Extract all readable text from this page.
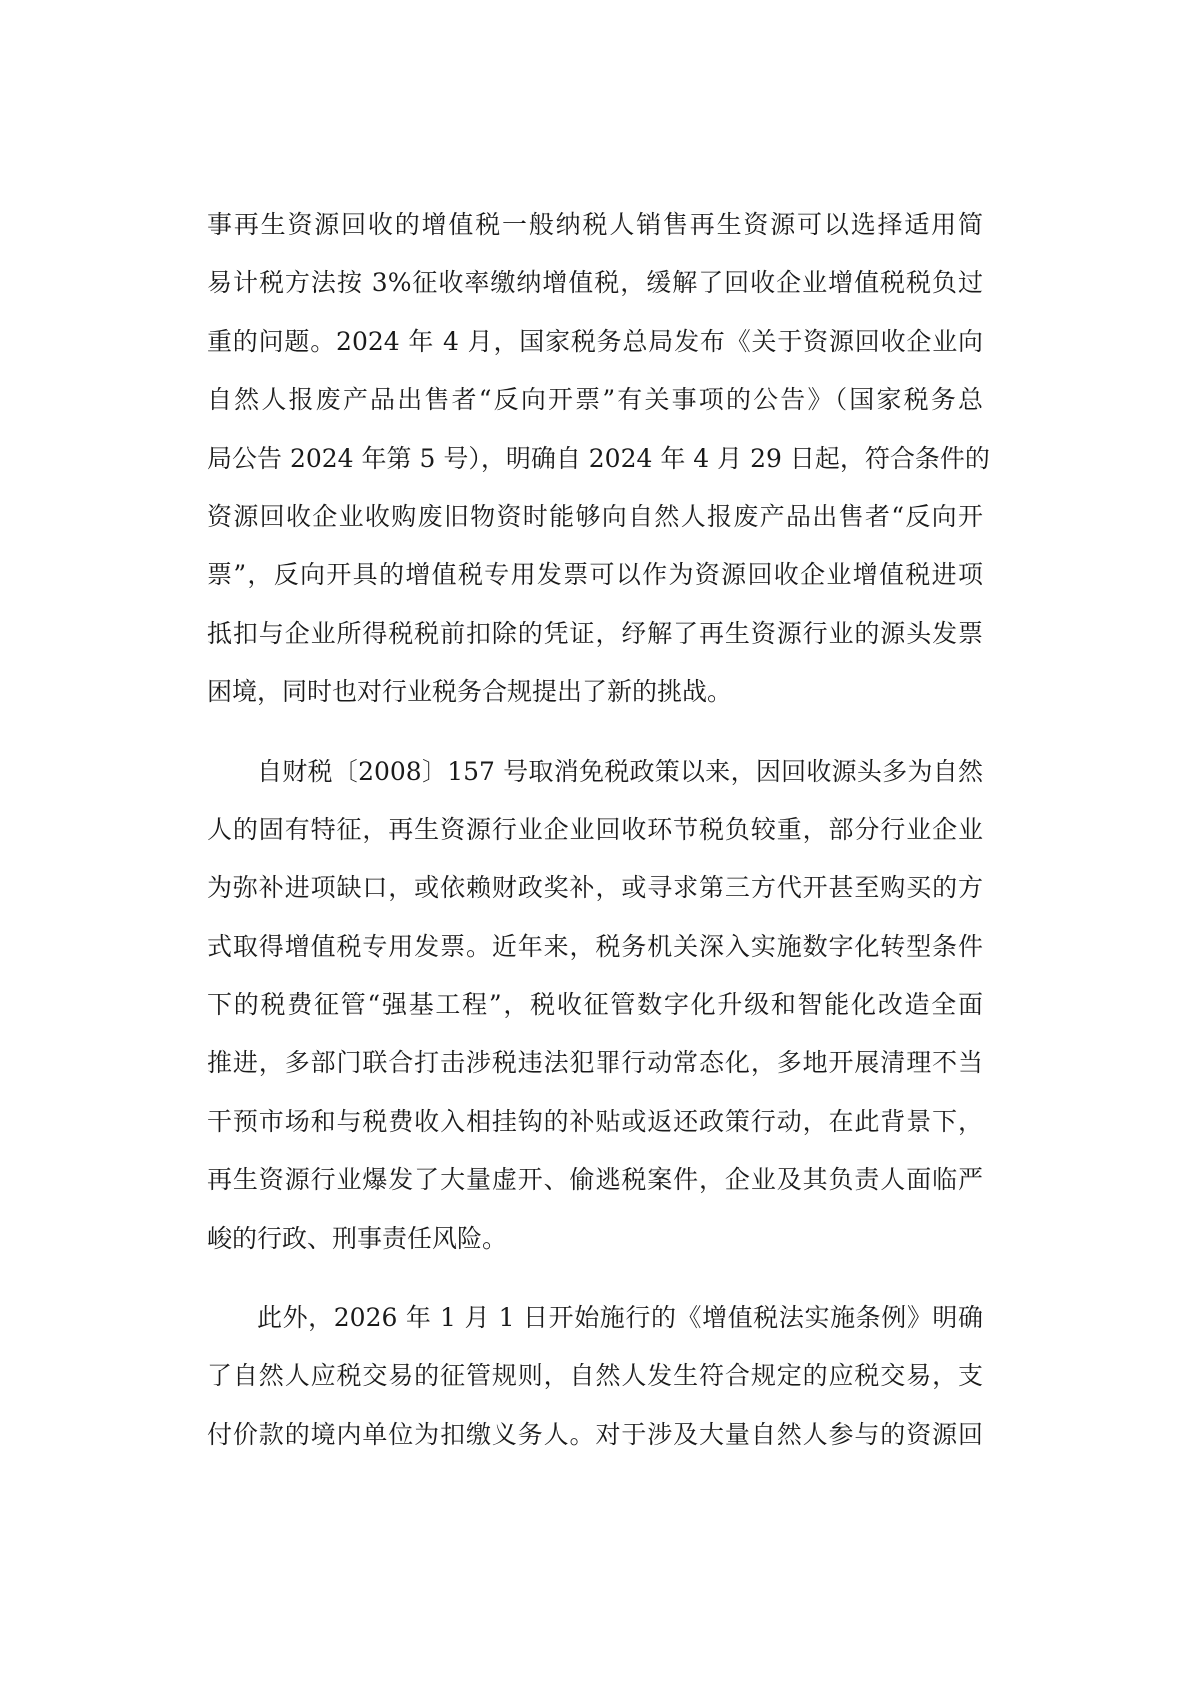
事再生资源回收的增值税一般纳税人销售再生资源可以选择适用简
易计税方法按 3%征收率缴纳增值税，缓解了回收企业增值税税负过
重的问题。2024 年 4 月，国家税务总局发布《关于资源回收企业向
自然人报废产品出售者“反向开票”有关事项的公告》（国家税务总
局公告 2024 年第 5 号），明确自 2024 年 4 月 29 日起，符合条件的
资源回收企业收购废旧物资时能够向自然人报废产品出售者“反向开
票”，反向开具的增值税专用发票可以作为资源回收企业增值税进项
抵扣与企业所得税税前扣除的凭证，纾解了再生资源行业的源头发票
困境，同时也对行业税务合规提出了新的挑战。
自财税〔2008〕157 号取消免税政策以来，因回收源头多为自然
人的固有特征，再生资源行业企业回收环节税负较重，部分行业企业
为弥补进项缺口，或依赖财政奖补，或寻求第三方代开甚至购买的方
式取得增值税专用发票。近年来，税务机关深入实施数字化转型条件
下的税费征管“强基工程”，税收征管数字化升级和智能化改造全面
推进，多部门联合打击涉税违法犯罪行动常态化，多地开展清理不当
干预市场和与税费收入相挂钩的补贴或返还政策行动，在此背景下，
再生资源行业爆发了大量虚开、偷逃税案件，企业及其负责人面临严
峻的行政、刑事责任风险。
此外，2026 年 1 月 1 日开始施行的《增值税法实施条例》明确
了自然人应税交易的征管规则，自然人发生符合规定的应税交易，支
付价款的境内单位为扣缴义务人。对于涉及大量自然人参与的资源回
